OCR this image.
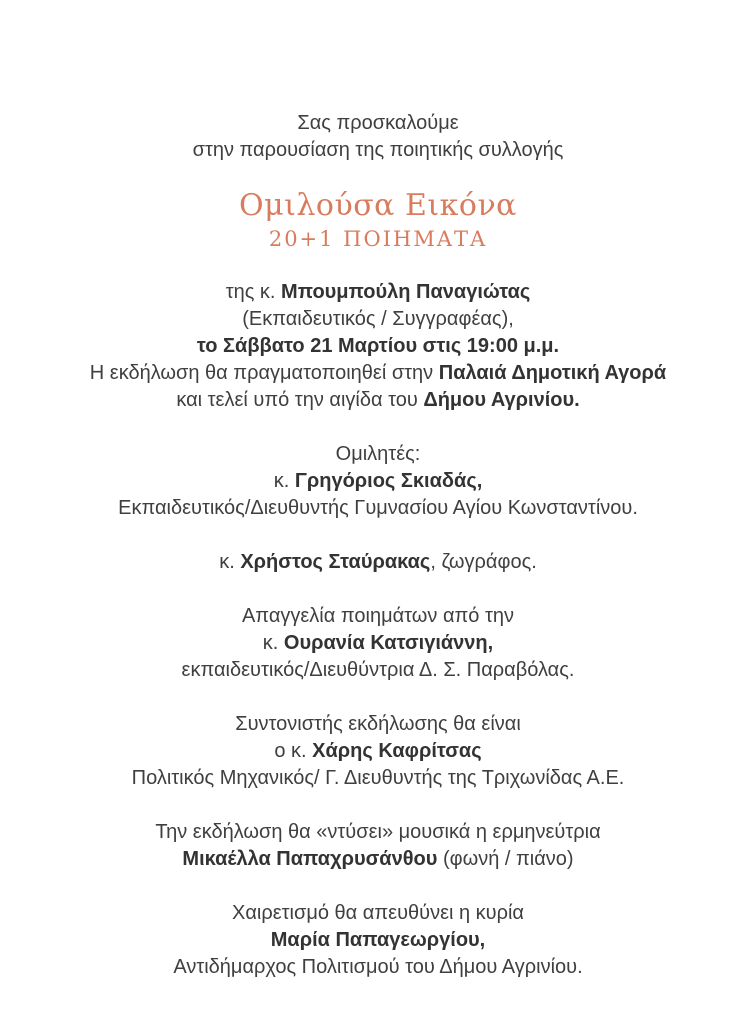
Σας προσκαλούμε
στην παρουσίαση της ποιητικής συλλογής
Ομιλούσα Εικόνα
20+1 ΠΟΙΗΜΑΤΑ
της κ. Μπουμπούλη Παναγιώτας
(Εκπαιδευτικός / Συγγραφέας),
το Σάββατο 21 Μαρτίου στις 19:00 μ.μ.
Η εκδήλωση θα πραγματοποιηθεί στην Παλαιά Δημοτική Αγορά
και τελεί υπό την αιγίδα του Δήμου Αγρινίου.
Ομιλητές:
κ. Γρηγόριος Σκιαδάς,
Εκπαιδευτικός/Διευθυντής Γυμνασίου Αγίου Κωνσταντίνου.
κ. Χρήστος Σταύρακας, ζωγράφος.
Απαγγελία ποιημάτων από την
κ. Ουρανία Κατσιγιάννη,
εκπαιδευτικός/Διευθύντρια Δ. Σ. Παραβόλας.
Συντονιστής εκδήλωσης θα είναι
ο κ. Χάρης Καφρίτσας
Πολιτικός Μηχανικός/ Γ. Διευθυντής της Τριχωνίδας Α.Ε.
Την εκδήλωση θα «ντύσει» μουσικά η ερμηνεύτρια
Μικαέλλα Παπαχρυσάνθου (φωνή / πιάνο)
Χαιρετισμό θα απευθύνει η κυρία
Μαρία Παπαγεωργίου,
Αντιδήμαρχος Πολιτισμού του Δήμου Αγρινίου.
